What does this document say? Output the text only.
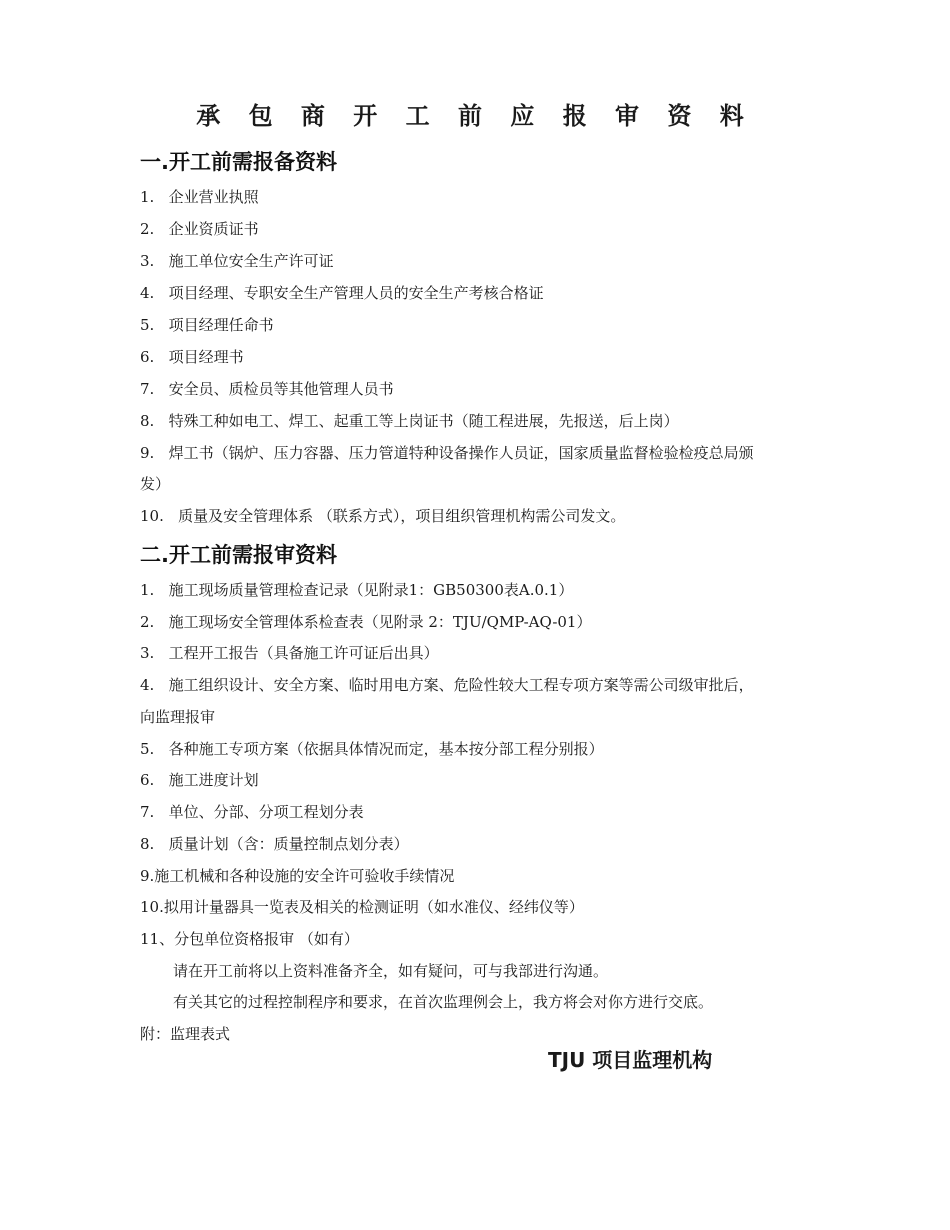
承 包 商 开 工 前 应 报 审 资 料
一.开工前需报备资料
1.   企业营业执照
2.   企业资质证书
3.   施工单位安全生产许可证
4.   项目经理、专职安全生产管理人员的安全生产考核合格证
5.   项目经理任命书
6.   项目经理书
7.   安全员、质检员等其他管理人员书
8.   特殊工种如电工、焊工、起重工等上岗证书（随工程进展，先报送，后上岗）
9.   焊工书（锅炉、压力容器、压力管道特种设备操作人员证，国家质量监督检验检疫总局颁
发）
10.   质量及安全管理体系 （联系方式），项目组织管理机构需公司发文。
二.开工前需报审资料
1.   施工现场质量管理检查记录（见附录1：GB50300表A.0.1）
2.   施工现场安全管理体系检查表（见附录 2：TJU/QMP-AQ-01）
3.   工程开工报告（具备施工许可证后出具）
4.   施工组织设计、安全方案、临时用电方案、危险性较大工程专项方案等需公司级审批后，
向监理报审
5.   各种施工专项方案（依据具体情况而定，基本按分部工程分别报）
6.   施工进度计划
7.   单位、分部、分项工程划分表
8.   质量计划（含：质量控制点划分表）
9.施工机械和各种设施的安全许可验收手续情况
10.拟用计量器具一览表及相关的检测证明（如水准仪、经纬仪等）
11、分包单位资格报审 （如有）
请在开工前将以上资料准备齐全，如有疑问，可与我部进行沟通。
有关其它的过程控制程序和要求，在首次监理例会上，我方将会对你方进行交底。
附：监理表式
TJU 项目监理机构
